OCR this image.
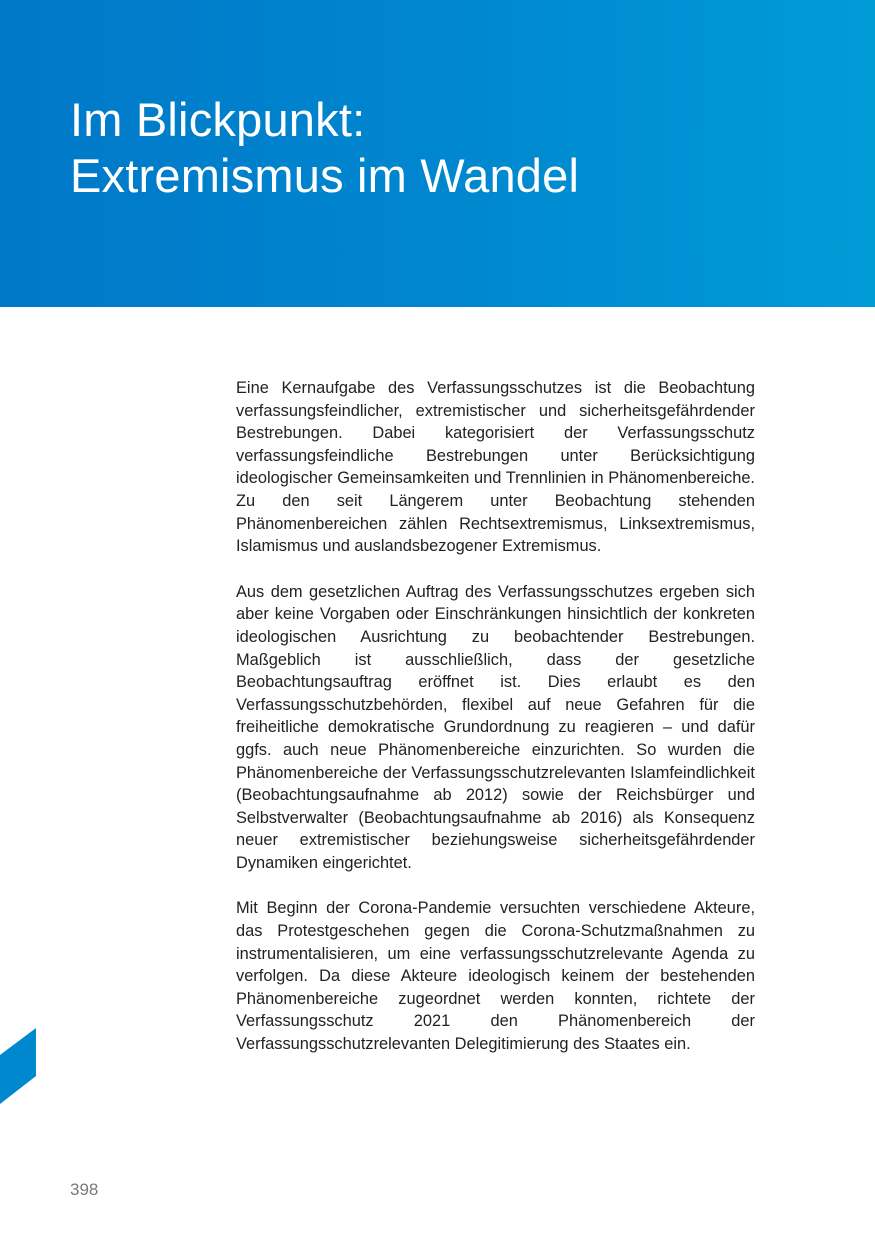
Im Blickpunkt:
Extremismus im Wandel

Eine Kernaufgabe des Verfassungsschutzes ist die Beobachtung verfassungsfeindlicher, extremistischer und sicherheitsgefährdender Bestrebungen. Dabei kategorisiert der Verfassungsschutz verfassungsfeindliche Bestrebungen unter Berücksichtigung ideologischer Gemeinsamkeiten und Trennlinien in Phänomenbereiche. Zu den seit Längerem unter Beobachtung stehenden Phänomenbereichen zählen Rechtsextremismus, Linksextremismus, Islamismus und auslandsbezogener Extremismus.

Aus dem gesetzlichen Auftrag des Verfassungsschutzes ergeben sich aber keine Vorgaben oder Einschränkungen hinsichtlich der konkreten ideologischen Ausrichtung zu beobachtender Bestrebungen. Maßgeblich ist ausschließlich, dass der gesetzliche Beobachtungsauftrag eröffnet ist. Dies erlaubt es den Verfassungsschutzbehörden, flexibel auf neue Gefahren für die freiheitliche demokratische Grundordnung zu reagieren – und dafür ggfs. auch neue Phänomenbereiche einzurichten. So wurden die Phänomenbereiche der Verfassungsschutzrelevanten Islamfeindlichkeit (Beobachtungsaufnahme ab 2012) sowie der Reichsbürger und Selbstverwalter (Beobachtungsaufnahme ab 2016) als Konsequenz neuer extremistischer beziehungsweise sicherheitsgefährdender Dynamiken eingerichtet.

Mit Beginn der Corona-Pandemie versuchten verschiedene Akteure, das Protestgeschehen gegen die Corona-Schutzmaßnahmen zu instrumentalisieren, um eine verfassungsschutzrelevante Agenda zu verfolgen. Da diese Akteure ideologisch keinem der bestehenden Phänomenbereiche zugeordnet werden konnten, richtete der Verfassungsschutz 2021 den Phänomenbereich der Verfassungsschutzrelevanten Delegitimierung des Staates ein.

398
